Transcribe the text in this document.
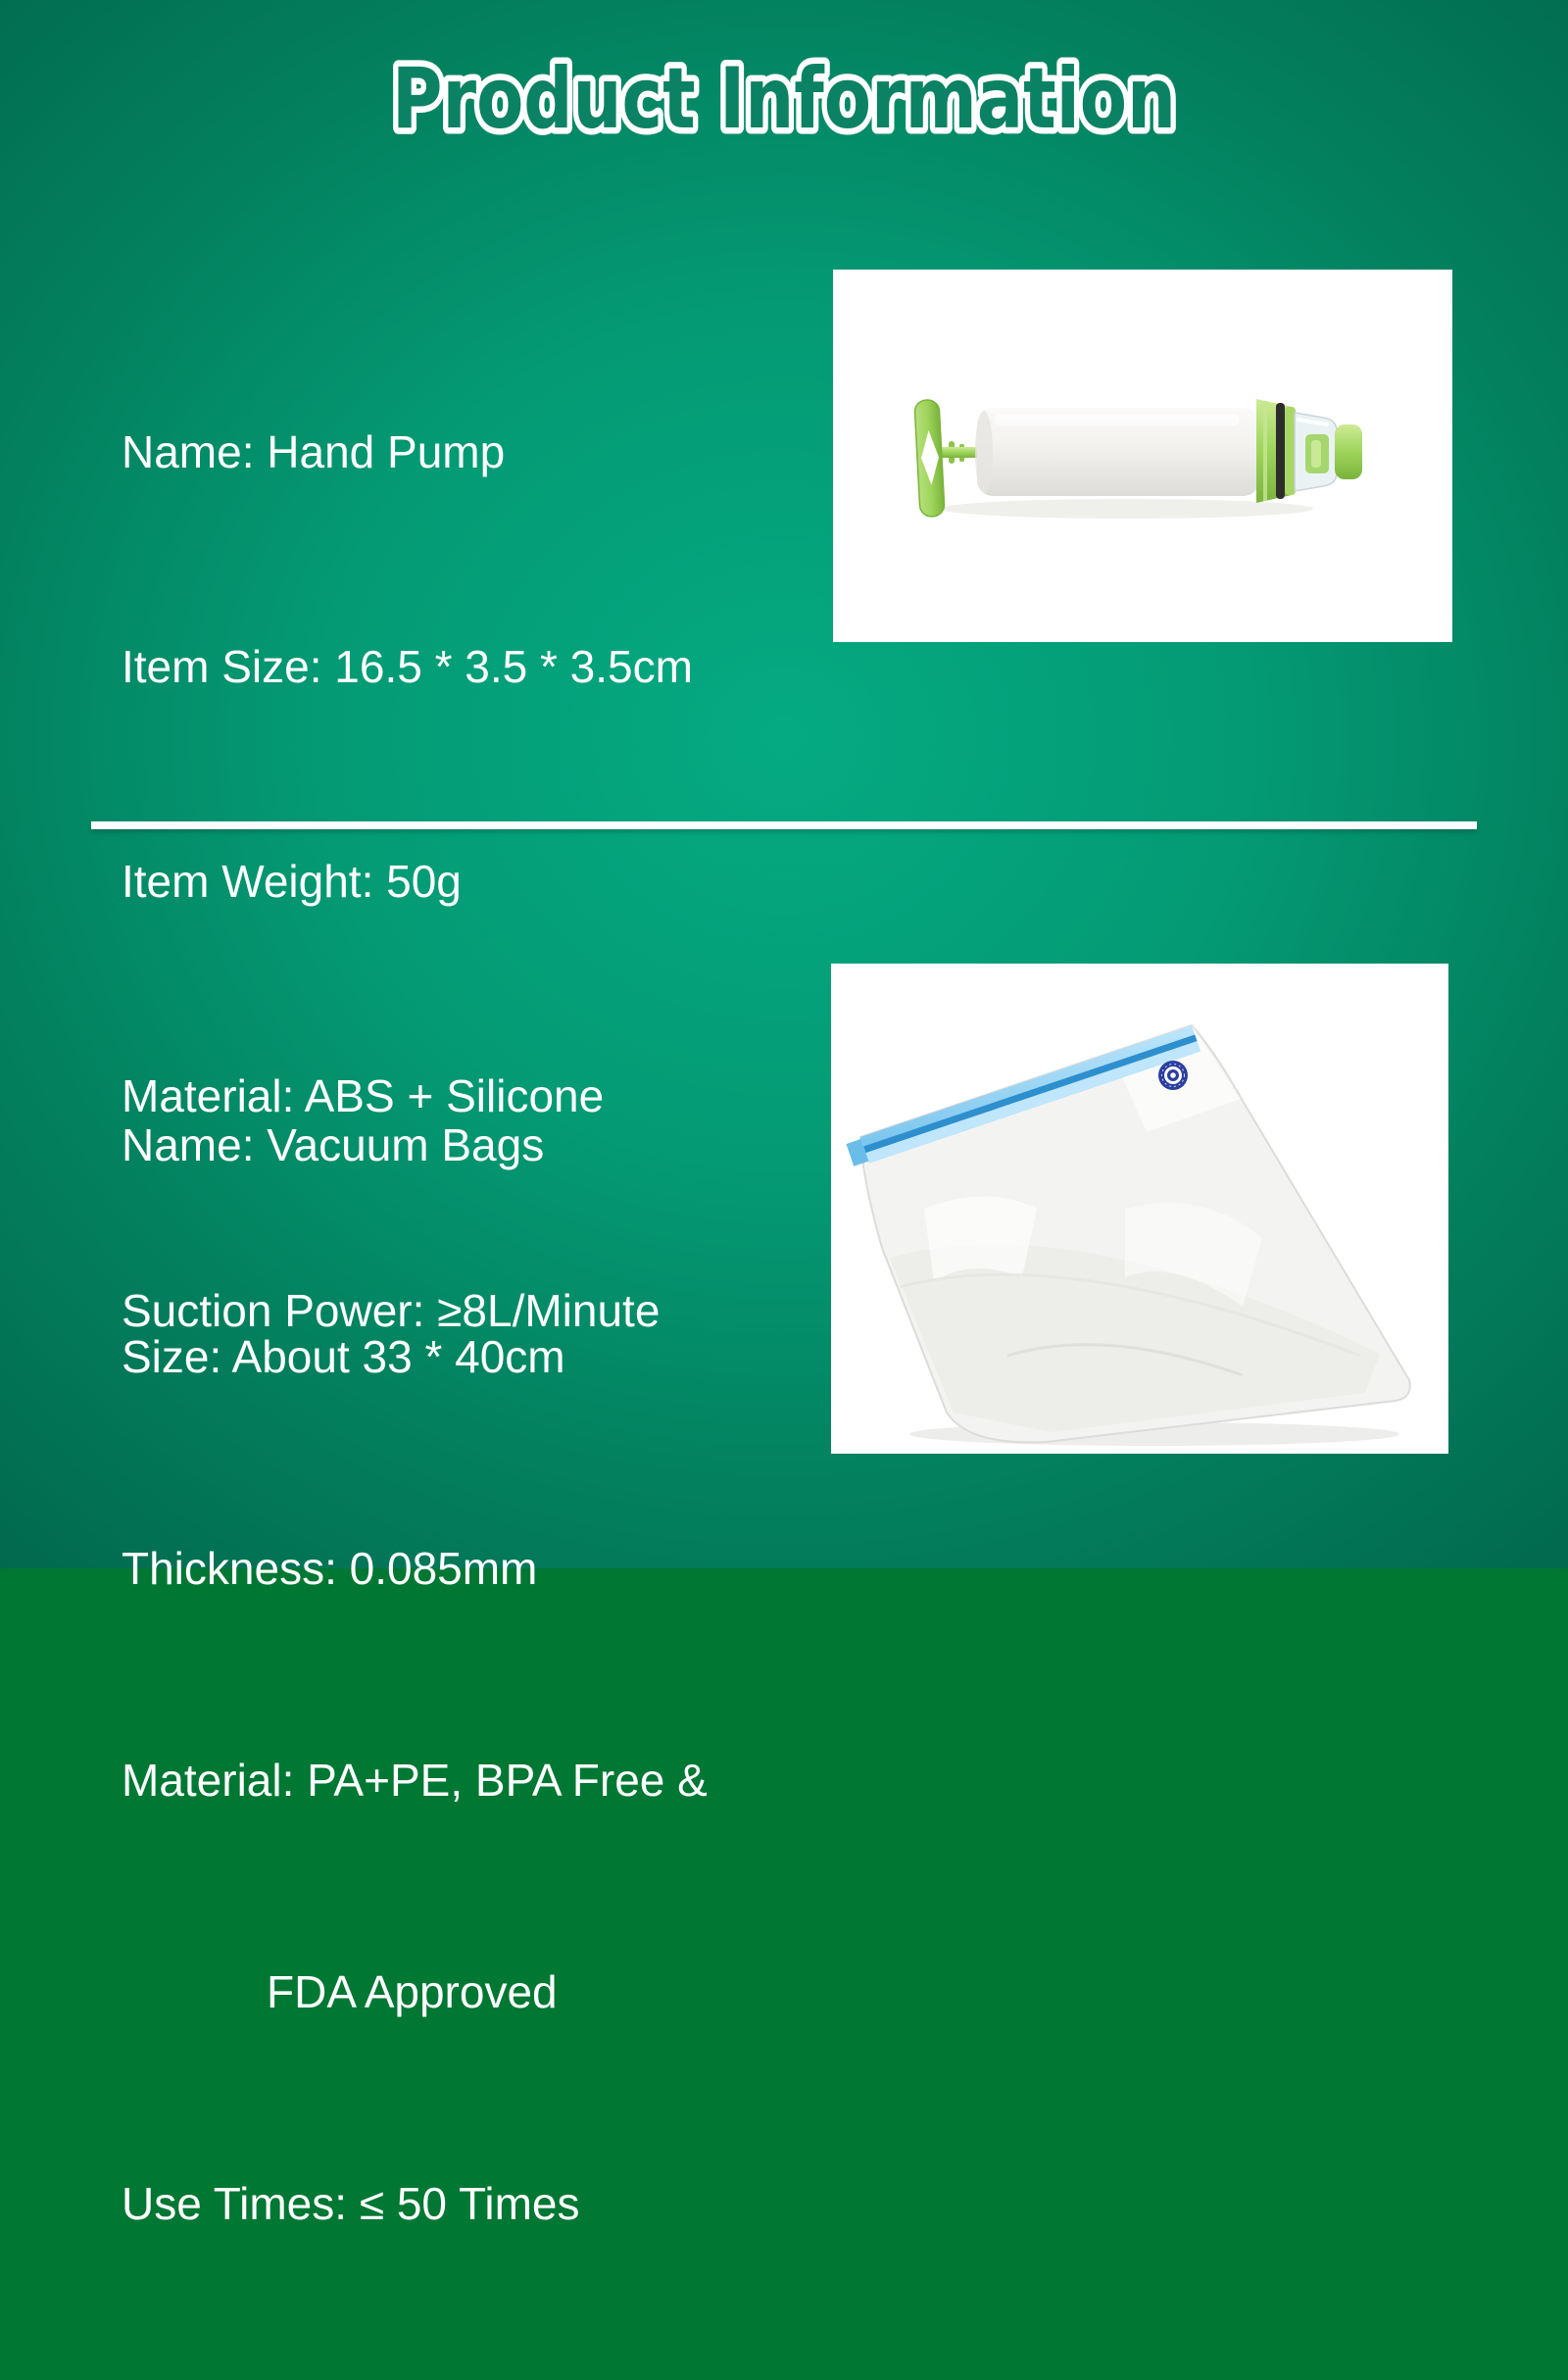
Product Information

Name: Hand Pump

Item Size: 16.5 * 3.5 * 3.5cm

Item Weight: 50g

Material: ABS + Silicone

Suction Power: ≥8L/Minute

Name: Vacuum Bags

Size: About 33 * 40cm

Thickness: 0.085mm

Material: PA+PE, BPA Free &

FDA Approved

Use Times: ≤ 50 Times
